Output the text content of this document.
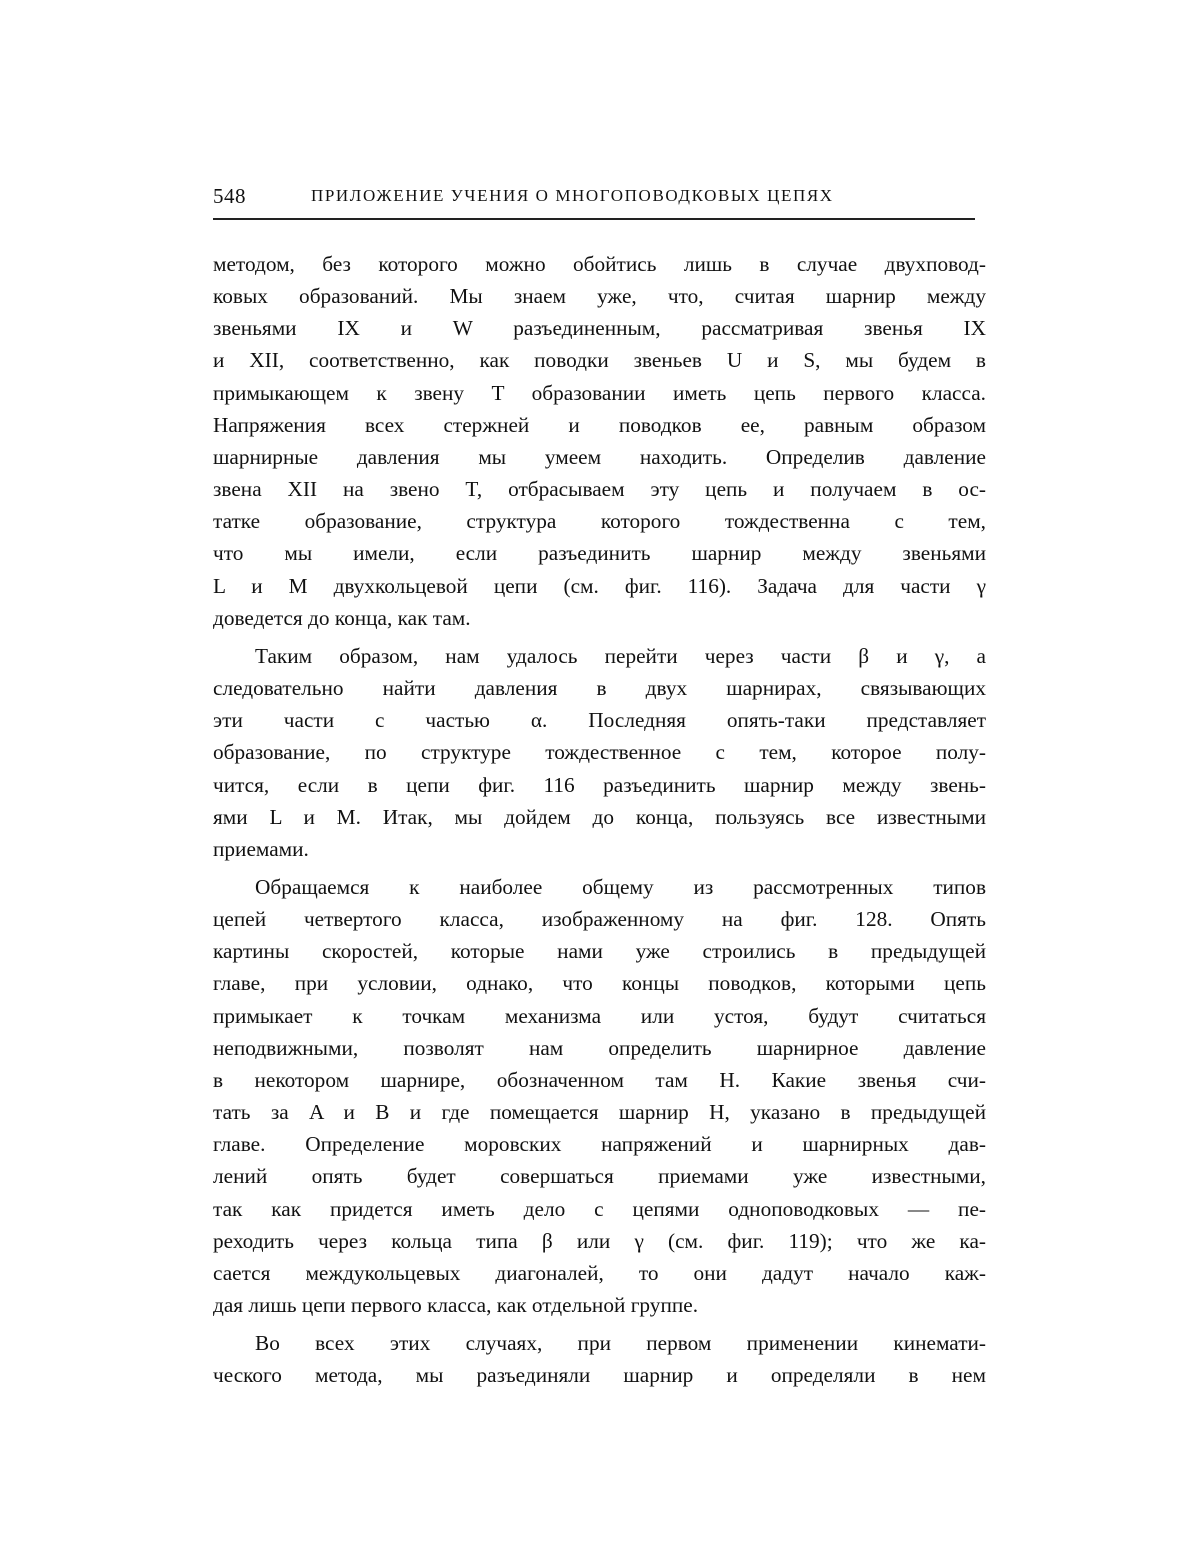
548	ПРИЛОЖЕНИЕ УЧЕНИЯ О МНОГОПОВОДКОВЫХ ЦЕПЯХ
методом, без которого можно обойтись лишь в случае двухповод-
ковых образований. Мы знаем уже, что, считая шарнир между
звеньями IX и W разъединенным, рассматривая звенья IX
и XII, соответственно, как поводки звеньев U и S, мы будем в
примыкающем к звену T образовании иметь цепь первого класса.
Напряжения всех стержней и поводков ее, равным образом
шарнирные давления мы умеем находить. Определив давление
звена XII на звено T, отбрасываем эту цепь и получаем в ос-
татке образование, структура которого тождественна с тем,
что мы имели, если разъединить шарнир между звеньями
L и M двухкольцевой цепи (см. фиг. 116). Задача для части γ
доведется до конца, как там.
Таким образом, нам удалось перейти через части β и γ, а
следовательно найти давления в двух шарнирах, связывающих
эти части с частью α. Последняя опять-таки представляет
образование, по структуре тождественное с тем, которое полу-
чится, если в цепи фиг. 116 разъединить шарнир между звень-
ями L и M. Итак, мы дойдем до конца, пользуясь все известными
приемами.
Обращаемся к наиболее общему из рассмотренных типов
цепей четвертого класса, изображенному на фиг. 128. Опять
картины скоростей, которые нами уже строились в предыдущей
главе, при условии, однако, что концы поводков, которыми цепь
примыкает к точкам механизма или устоя, будут считаться
неподвижными, позволят нам определить шарнирное давление
в некотором шарнире, обозначенном там H. Какие звенья счи-
тать за A и B и где помещается шарнир H, указано в предыдущей
главе. Определение моровских напряжений и шарнирных дав-
лений опять будет совершаться приемами уже известными,
так как придется иметь дело с цепями одноповодковых — пе-
реходить через кольца типа β или γ (см. фиг. 119); что же ка-
сается междукольцевых диагоналей, то они дадут начало каж-
дая лишь цепи первого класса, как отдельной группе.
Во всех этих случаях, при первом применении кинемати-
ческого метода, мы разъединяли шарнир и определяли в нем
